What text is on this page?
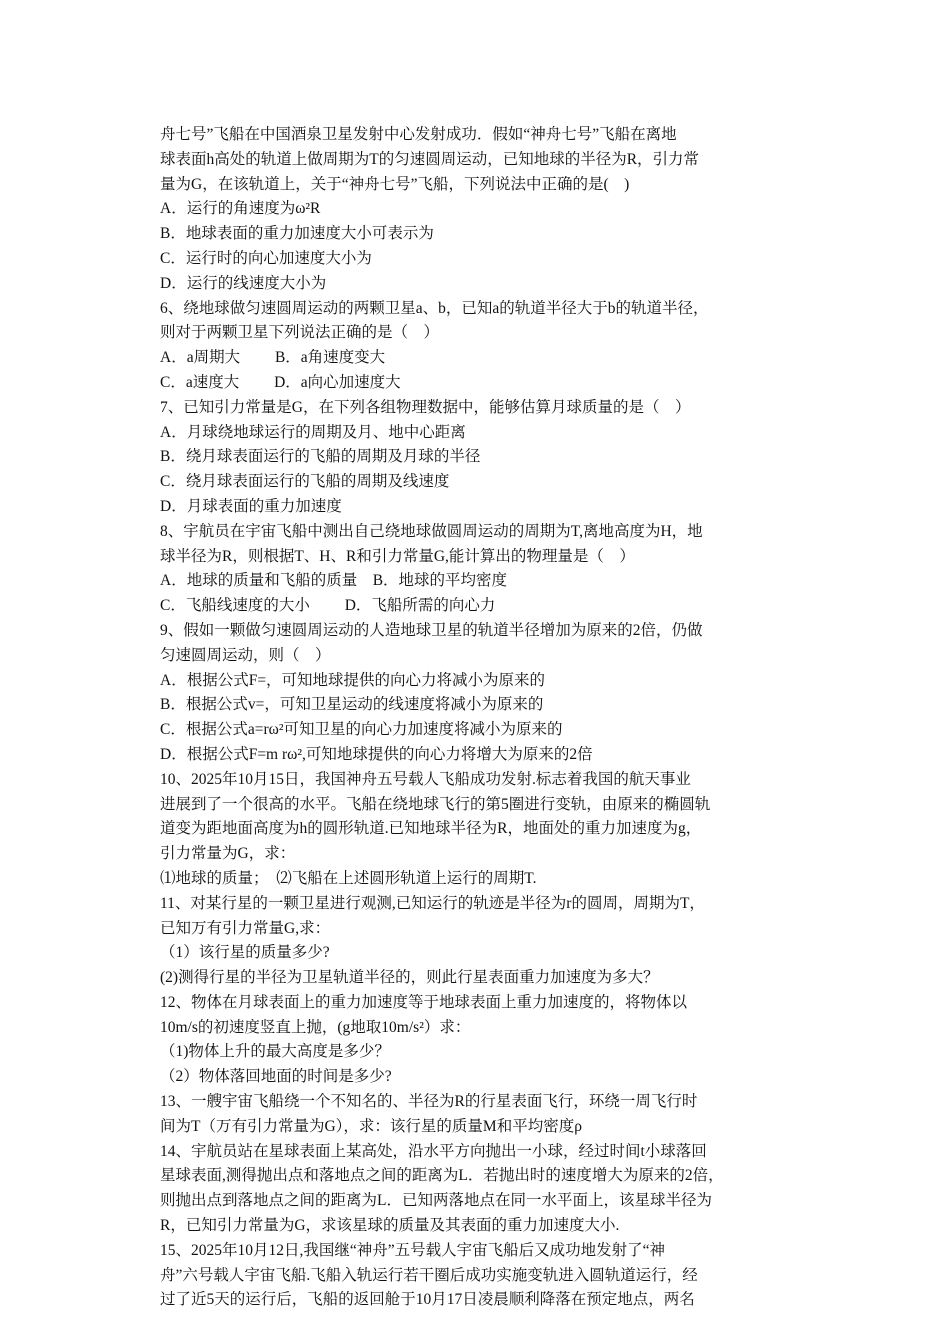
舟七号”飞船在中国酒泉卫星发射中心发射成功．假如“神舟七号”飞船在离地
球表面h高处的轨道上做周期为T的匀速圆周运动，已知地球的半径为R，引力常
量为G，在该轨道上，关于“神舟七号”飞船，下列说法中正确的是(　)
A．运行的角速度为ω²R
B．地球表面的重力加速度大小可表示为
C．运行时的向心加速度大小为
D．运行的线速度大小为
6、绕地球做匀速圆周运动的两颗卫星a、b，已知a的轨道半径大于b的轨道半径，
则对于两颗卫星下列说法正确的是（　）
A．a周期大　　 B．a角速度变大
C．a速度大　　 D．a向心加速度大
7、已知引力常量是G，在下列各组物理数据中，能够估算月球质量的是（　）
A．月球绕地球运行的周期及月、地中心距离
B．绕月球表面运行的飞船的周期及月球的半径
C．绕月球表面运行的飞船的周期及线速度
D．月球表面的重力加速度
8、宇航员在宇宙飞船中测出自己绕地球做圆周运动的周期为T,离地高度为H，地
球半径为R，则根据T、H、R和引力常量G,能计算出的物理量是（　）
A．地球的质量和飞船的质量　B．地球的平均密度
C．飞船线速度的大小　　 D．飞船所需的向心力
9、假如一颗做匀速圆周运动的人造地球卫星的轨道半径增加为原来的2倍，仍做
匀速圆周运动，则（　）
A．根据公式F=，可知地球提供的向心力将减小为原来的
B．根据公式v=，可知卫星运动的线速度将减小为原来的
C．根据公式a=rω²可知卫星的向心力加速度将减小为原来的
D．根据公式F=m rω²,可知地球提供的向心力将增大为原来的2倍
10、2025年10月15日，我国神舟五号载人飞船成功发射.标志着我国的航天事业
进展到了一个很高的水平。飞船在绕地球飞行的第5圈进行变轨，由原来的椭圆轨
道变为距地面高度为h的圆形轨道.已知地球半径为R，地面处的重力加速度为g，
引力常量为G，求：
⑴地球的质量；　⑵飞船在上述圆形轨道上运行的周期T.
11、对某行星的一颗卫星进行观测,已知运行的轨迹是半径为r的圆周，周期为T，
已知万有引力常量G,求：
（1）该行星的质量多少?
(2)测得行星的半径为卫星轨道半径的，则此行星表面重力加速度为多大？
12、物体在月球表面上的重力加速度等于地球表面上重力加速度的，将物体以
10m/s的初速度竖直上抛，(g地取10m/s²）求：
（1)物体上升的最大高度是多少？
（2）物体落回地面的时间是多少?
13、一艘宇宙飞船绕一个不知名的、半径为R的行星表面飞行，环绕一周飞行时
间为T（万有引力常量为G），求：该行星的质量M和平均密度ρ
14、宇航员站在星球表面上某高处，沿水平方向抛出一小球，经过时间t小球落回
星球表面,测得抛出点和落地点之间的距离为L．若抛出时的速度增大为原来的2倍，
则抛出点到落地点之间的距离为L．已知两落地点在同一水平面上，该星球半径为
R，已知引力常量为G，求该星球的质量及其表面的重力加速度大小.
15、2025年10月12日,我国继“神舟”五号载人宇宙飞船后又成功地发射了“神
舟”六号载人宇宙飞船.飞船入轨运行若干圈后成功实施变轨进入圆轨道运行，经
过了近5天的运行后，飞船的返回舱于10月17日凌晨顺利降落在预定地点，两名
